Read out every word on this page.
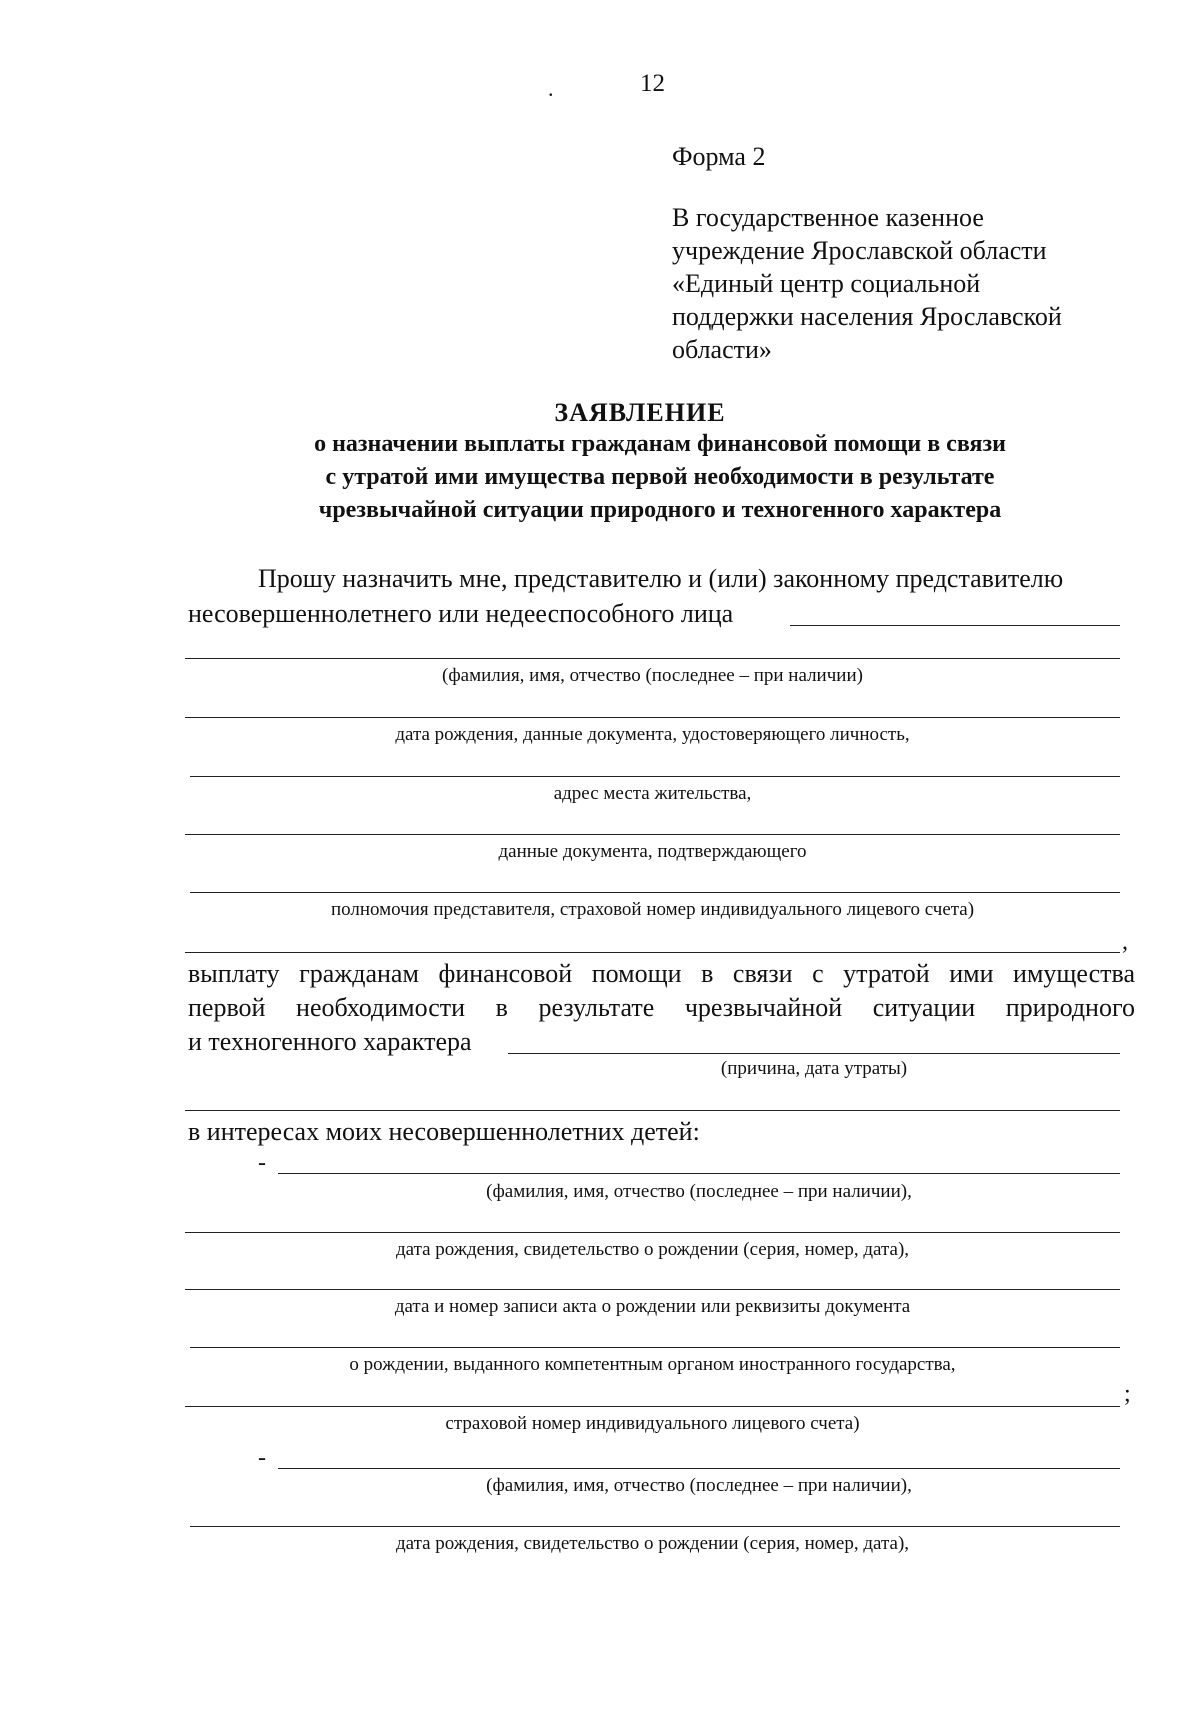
.	12
Форма 2
В государственное казенное
учреждение Ярославской области
«Единый центр социальной
поддержки населения Ярославской
области»
ЗАЯВЛЕНИЕ
о назначении выплаты гражданам финансовой помощи в связи
с утратой ими имущества первой необходимости в результате
чрезвычайной ситуации природного и техногенного характера
Прошу назначить мне, представителю и (или) законному представителю
несовершеннолетнего или недееспособного лица
(фамилия, имя, отчество (последнее – при наличии)
дата рождения, данные документа, удостоверяющего личность,
адрес места жительства,
данные документа, подтверждающего
полномочия представителя, страховой номер индивидуального лицевого счета)
,
выплату гражданам финансовой помощи в связи с утратой ими имущества
первой необходимости в результате чрезвычайной ситуации природного
и техногенного характера
(причина, дата утраты)
в интересах моих несовершеннолетних детей:
-
(фамилия, имя, отчество (последнее – при наличии),
дата рождения, свидетельство о рождении (серия, номер, дата),
дата и номер записи акта о рождении или реквизиты документа
о рождении, выданного компетентным органом иностранного государства,
;
страховой номер индивидуального лицевого счета)
-
(фамилия, имя, отчество (последнее – при наличии),
дата рождения, свидетельство о рождении (серия, номер, дата),
